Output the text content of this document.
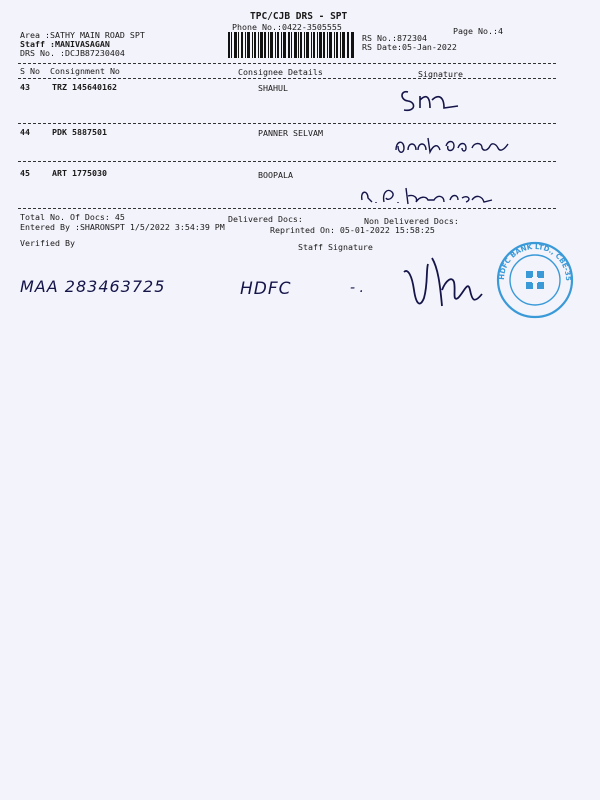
TPC/CJB DRS - SPT
Phone No.:0422-3505555
Area :SATHY MAIN ROAD SPT
Staff :MANIVASAGAN
DRS No. :DCJB87230404
Page No.:4
RS No.:872304
RS Date:05-Jan-2022
S No Consignment No	Consignee Details	Signature
43	TRZ 145640162	SHAHUL
44	PDK 5887501	PANNER SELVAM
45	ART 1775030	BOOPALA
Total No. Of Docs: 45	Delivered Docs:	Non Delivered Docs:
Entered By :SHARONSPT 1/5/2022 3:54:39 PM	Reprinted On: 05-01-2022 15:58:25
Verified By	Staff Signature
MAA 283463725	HDFC	- .
HDFC BANK LTD., CBE-35
